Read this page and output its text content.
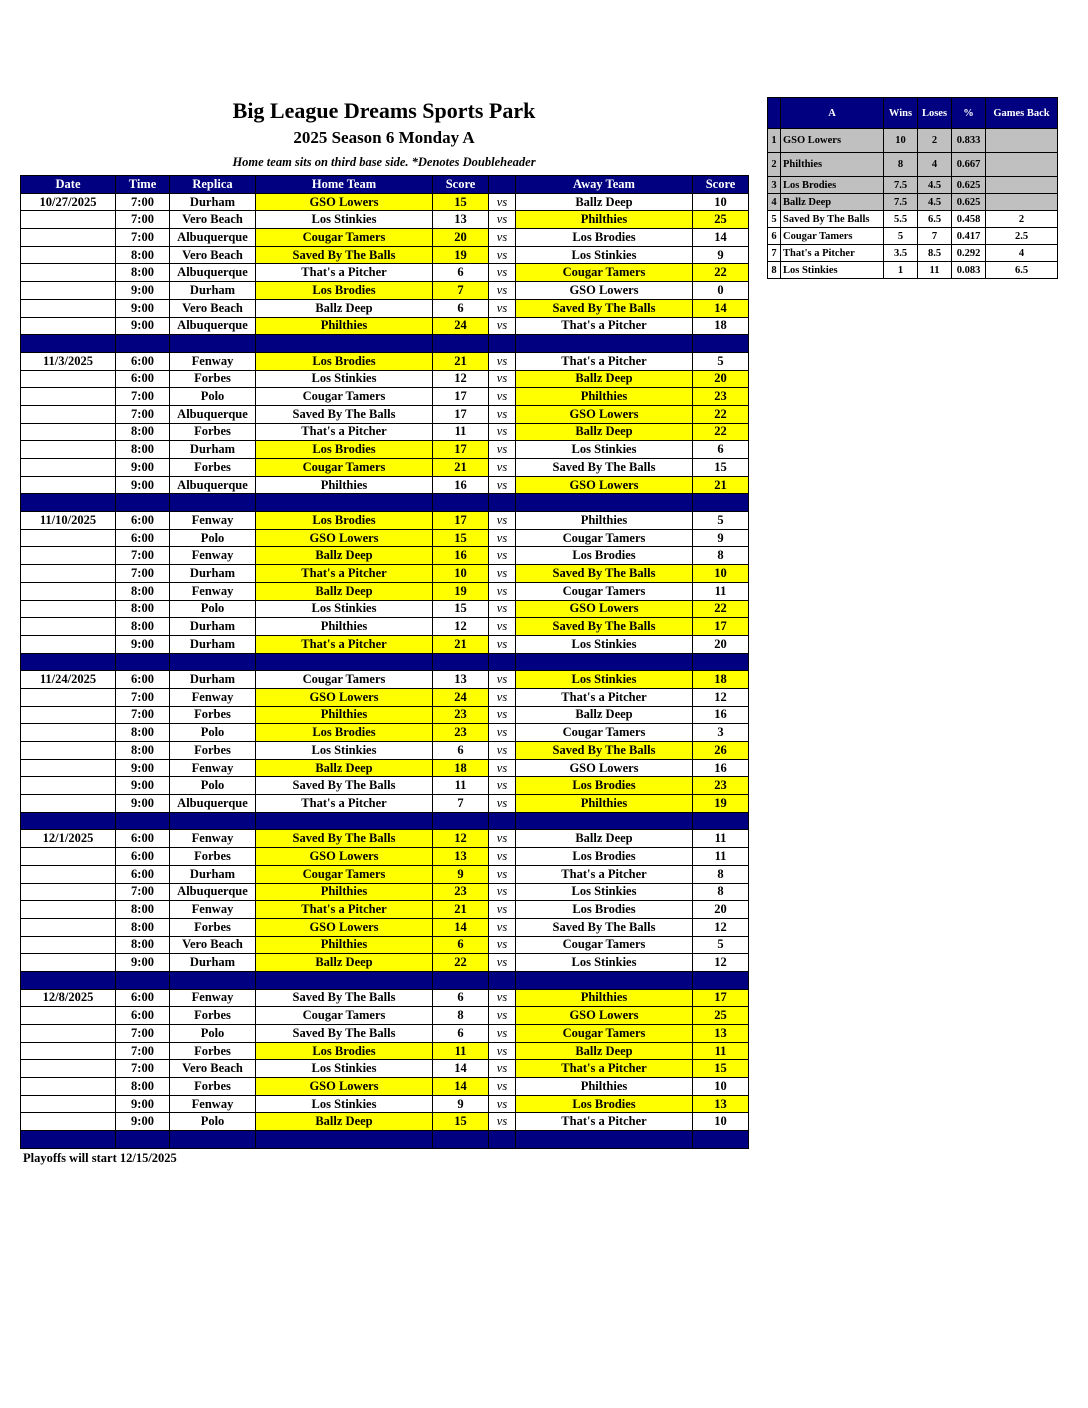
Big League Dreams Sports Park
2025 Season 6 Monday A
Home team sits on third base side. *Denotes Doubleheader
Date	Time	Replica	Home Team	Score		Away Team	Score
10/27/2025	7:00	Durham	GSO Lowers	15	vs	Ballz Deep	10
	7:00	Vero Beach	Los Stinkies	13	vs	Philthies	25
	7:00	Albuquerque	Cougar Tamers	20	vs	Los Brodies	14
	8:00	Vero Beach	Saved By The Balls	19	vs	Los Stinkies	9
	8:00	Albuquerque	That's a Pitcher	6	vs	Cougar Tamers	22
	9:00	Durham	Los Brodies	7	vs	GSO Lowers	0
	9:00	Vero Beach	Ballz Deep	6	vs	Saved By The Balls	14
	9:00	Albuquerque	Philthies	24	vs	That's a Pitcher	18

11/3/2025	6:00	Fenway	Los Brodies	21	vs	That's a Pitcher	5
	6:00	Forbes	Los Stinkies	12	vs	Ballz Deep	20
	7:00	Polo	Cougar Tamers	17	vs	Philthies	23
	7:00	Albuquerque	Saved By The Balls	17	vs	GSO Lowers	22
	8:00	Forbes	That's a Pitcher	11	vs	Ballz Deep	22
	8:00	Durham	Los Brodies	17	vs	Los Stinkies	6
	9:00	Forbes	Cougar Tamers	21	vs	Saved By The Balls	15
	9:00	Albuquerque	Philthies	16	vs	GSO Lowers	21

11/10/2025	6:00	Fenway	Los Brodies	17	vs	Philthies	5
	6:00	Polo	GSO Lowers	15	vs	Cougar Tamers	9
	7:00	Fenway	Ballz Deep	16	vs	Los Brodies	8
	7:00	Durham	That's a Pitcher	10	vs	Saved By The Balls	10
	8:00	Fenway	Ballz Deep	19	vs	Cougar Tamers	11
	8:00	Polo	Los Stinkies	15	vs	GSO Lowers	22
	8:00	Durham	Philthies	12	vs	Saved By The Balls	17
	9:00	Durham	That's a Pitcher	21	vs	Los Stinkies	20

11/24/2025	6:00	Durham	Cougar Tamers	13	vs	Los Stinkies	18
	7:00	Fenway	GSO Lowers	24	vs	That's a Pitcher	12
	7:00	Forbes	Philthies	23	vs	Ballz Deep	16
	8:00	Polo	Los Brodies	23	vs	Cougar Tamers	3
	8:00	Forbes	Los Stinkies	6	vs	Saved By The Balls	26
	9:00	Fenway	Ballz Deep	18	vs	GSO Lowers	16
	9:00	Polo	Saved By The Balls	11	vs	Los Brodies	23
	9:00	Albuquerque	That's a Pitcher	7	vs	Philthies	19

12/1/2025	6:00	Fenway	Saved By The Balls	12	vs	Ballz Deep	11
	6:00	Forbes	GSO Lowers	13	vs	Los Brodies	11
	6:00	Durham	Cougar Tamers	9	vs	That's a Pitcher	8
	7:00	Albuquerque	Philthies	23	vs	Los Stinkies	8
	8:00	Fenway	That's a Pitcher	21	vs	Los Brodies	20
	8:00	Forbes	GSO Lowers	14	vs	Saved By The Balls	12
	8:00	Vero Beach	Philthies	6	vs	Cougar Tamers	5
	9:00	Durham	Ballz Deep	22	vs	Los Stinkies	12

12/8/2025	6:00	Fenway	Saved By The Balls	6	vs	Philthies	17
	6:00	Forbes	Cougar Tamers	8	vs	GSO Lowers	25
	7:00	Polo	Saved By The Balls	6	vs	Cougar Tamers	13
	7:00	Forbes	Los Brodies	11	vs	Ballz Deep	11
	7:00	Vero Beach	Los Stinkies	14	vs	That's a Pitcher	15
	8:00	Forbes	GSO Lowers	14	vs	Philthies	10
	9:00	Fenway	Los Stinkies	9	vs	Los Brodies	13
	9:00	Polo	Ballz Deep	15	vs	That's a Pitcher	10

Playoffs will start 12/15/2025
	A	Wins	Loses	%	Games Back
1	GSO Lowers	10	2	0.833	
2	Philthies	8	4	0.667	
3	Los Brodies	7.5	4.5	0.625	
4	Ballz Deep	7.5	4.5	0.625	
5	Saved By The Balls	5.5	6.5	0.458	2
6	Cougar Tamers	5	7	0.417	2.5
7	That's a Pitcher	3.5	8.5	0.292	4
8	Los Stinkies	1	11	0.083	6.5
